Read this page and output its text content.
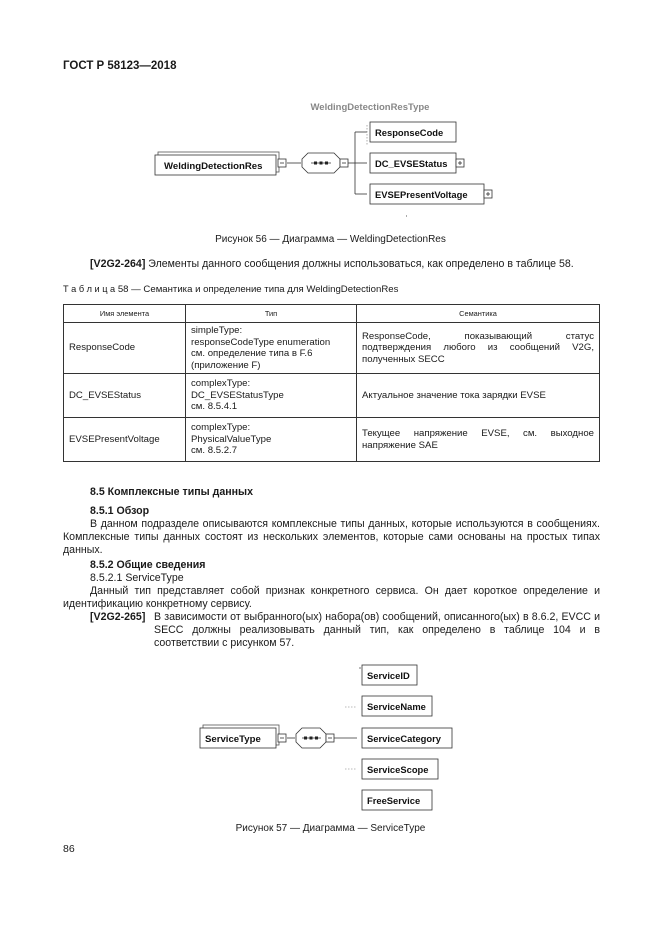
ГОСТ Р 58123—2018
WeldingDetectionResType
WeldingDetectionRes
ResponseCode
DC_EVSEStatus
EVSEPresentVoltage
Рисунок 56 — Диаграмма — WeldingDetectionRes
[V2G2-264] Элементы данного сообщения должны использоваться, как определено в таблице 58.
Т а б л и ц а 58 — Семантика и определение типа для WeldingDetectionRes
Имя элемента	Тип	Семантика
ResponseCode	simpleType:
responseCodeType enumeration
см. определение типа в F.6
(приложение F)	ResponseCode, показывающий статус подтверждения любого из сообщений V2G, полученных SECC
DC_EVSEStatus	complexType:
DC_EVSEStatusType
см. 8.5.4.1	Актуальное значение тока зарядки EVSE
EVSEPresentVoltage	complexType:
PhysicalValueType
см. 8.5.2.7	Текущее напряжение EVSE, см. выходное напряжение SAE
8.5 Комплексные типы данных
8.5.1 Обзор
В данном подразделе описываются комплексные типы данных, которые используются в сообщениях. Комплексные типы данных состоят из нескольких элементов, которые сами основаны на простых типах данных.
8.5.2 Общие сведения
8.5.2.1 ServiceType
Данный тип представляет собой признак конкретного сервиса. Он дает короткое определение и идентификацию конкретному сервису.
[V2G2-265] В зависимости от выбранного(ых) набора(ов) сообщений, описанного(ых) в 8.6.2, EVCC и SECC должны реализовывать данный тип, как определено в таблице 104 и в соответствии с рисунком 57.
ServiceType
ServiceID
ServiceName
ServiceCategory
ServiceScope
FreeService
Рисунок 57 — Диаграмма — ServiceType
86
